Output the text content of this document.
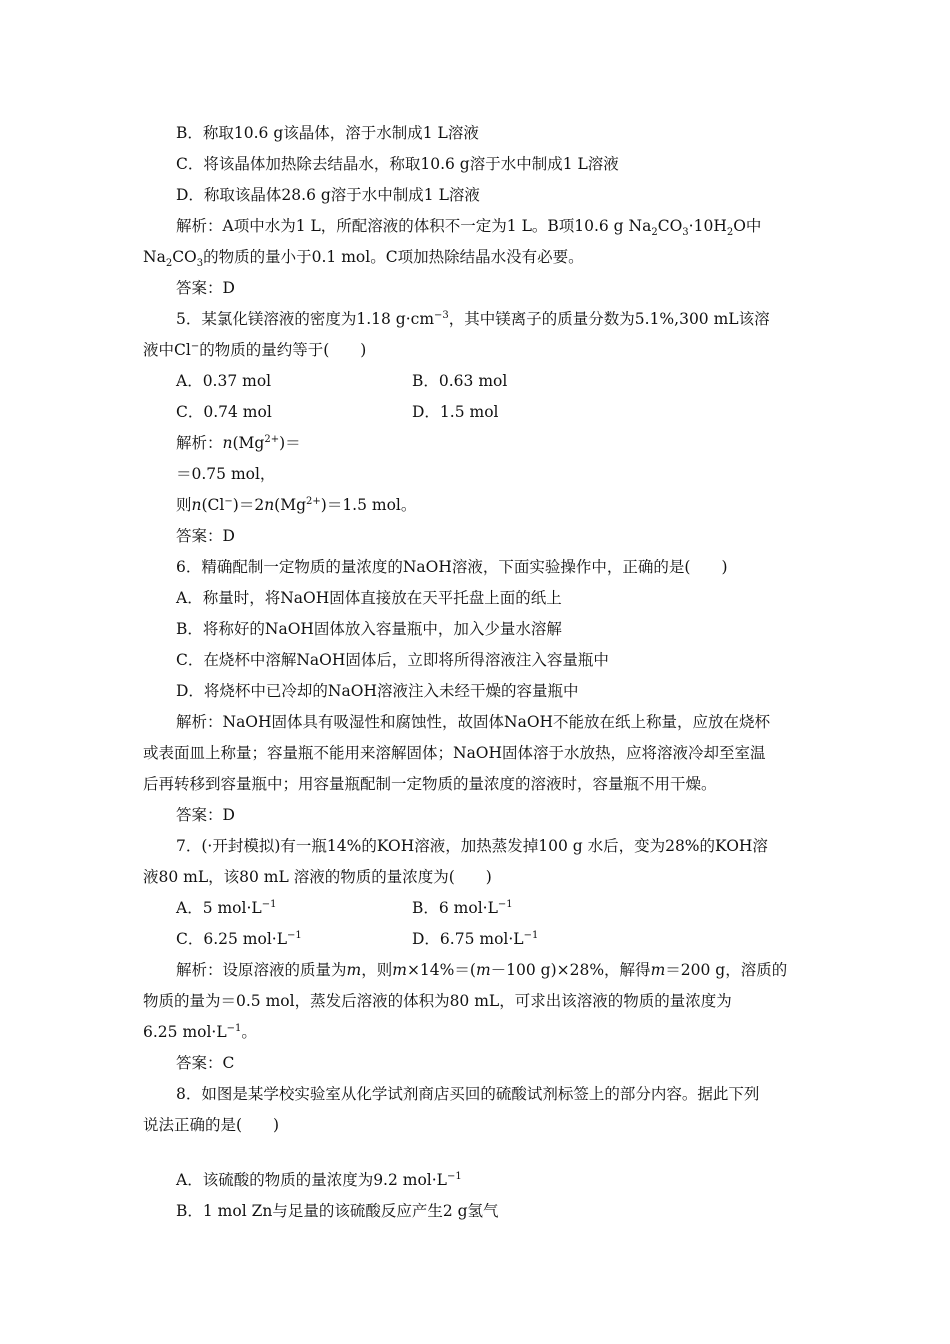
B．称取10.6 g该晶体，溶于水制成1 L溶液
C．将该晶体加热除去结晶水，称取10.6 g溶于水中制成1 L溶液
D．称取该晶体28.6 g溶于水中制成1 L溶液
解析：A项中水为1 L，所配溶液的体积不一定为1 L。B项10.6 g $Na_2CO_3\cdot 10H_2O$中
$Na_2CO_3$的物质的量小于0.1 mol。C项加热除结晶水没有必要。
答案：D
5．某氯化镁溶液的密度为1.18 $g\cdot cm^{-3}$，其中镁离子的质量分数为5.1%,300 mL该溶
液中Cl−的物质的量约等于(　　)
A．0.37 mol	B．0.63 mol
C．0.74 mol	D．1.5 mol
解析：$n(Mg^{2+})=$
＝0.75 mol，
则$n(Cl^-)=2n(Mg^{2+})=1.5$ mol。
答案：D
6．精确配制一定物质的量浓度的NaOH溶液，下面实验操作中，正确的是(　　)
A．称量时，将NaOH固体直接放在天平托盘上面的纸上
B．将称好的NaOH固体放入容量瓶中，加入少量水溶解
C．在烧杯中溶解NaOH固体后，立即将所得溶液注入容量瓶中
D．将烧杯中已冷却的NaOH溶液注入未经干燥的容量瓶中
解析：NaOH固体具有吸湿性和腐蚀性，故固体NaOH不能放在纸上称量，应放在烧杯
或表面皿上称量；容量瓶不能用来溶解固体；NaOH固体溶于水放热，应将溶液冷却至室温
后再转移到容量瓶中；用容量瓶配制一定物质的量浓度的溶液时，容量瓶不用干燥。
答案：D
7．(·开封模拟)有一瓶14%的KOH溶液，加热蒸发掉100 g 水后，变为28%的KOH溶
液80 mL，该80 mL 溶液的物质的量浓度为(　　)
A．5 $mol\cdot L^{-1}$	B．6 $mol\cdot L^{-1}$
C．6.25 $mol\cdot L^{-1}$	D．6.75 $mol\cdot L^{-1}$
解析：设原溶液的质量为m，则m×14%＝(m－100 g)×28%，解得m＝200 g，溶质的
物质的量为＝0.5 mol，蒸发后溶液的体积为80 mL，可求出该溶液的物质的量浓度为
6.25 $mol\cdot L^{-1}$。
答案：C
8．如图是某学校实验室从化学试剂商店买回的硫酸试剂标签上的部分内容。据此下列
说法正确的是(　　)
A．该硫酸的物质的量浓度为9.2 $mol\cdot L^{-1}$
B．1 mol Zn与足量的该硫酸反应产生2 g氢气
